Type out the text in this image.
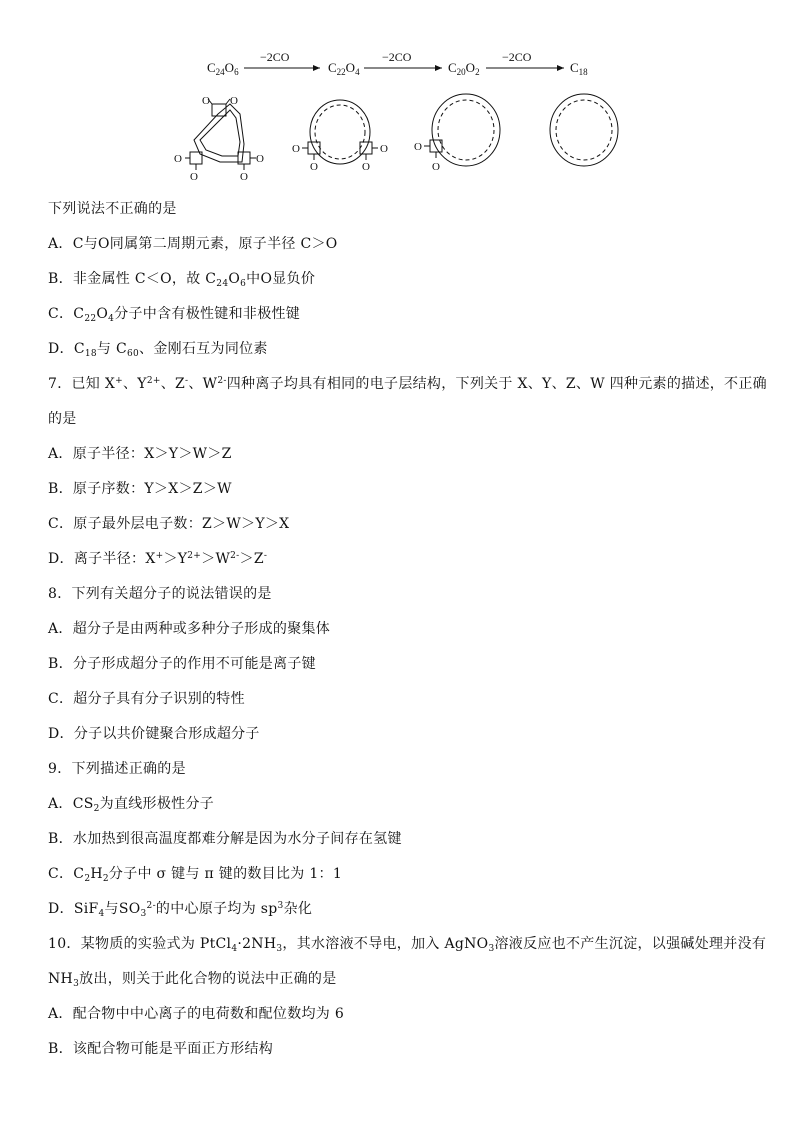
$C_{24}O_6$
−2CO
$C_{22}O_4$
−2CO
$C_{20}O_2$
−2CO
$C_{18}$
O O
O
O
O
O
O
O
O
O
O
O
下列说法不正确的是
A．C与O同属第二周期元素，原子半径 C＞O
B．非金属性 C＜O，故 $C_{24}O_6$中O显负价
C．$C_{22}O_4$分子中含有极性键和非极性键
D．$C_{18}$与 $C_{60}$、金刚石互为同位素
7．已知 X+、$Y^{2+}$、Z-、$W^{2-}$四种离子均具有相同的电子层结构，下列关于 X、Y、Z、W 四种元素的描述，不正确
的是
A．原子半径：X＞Y＞W＞Z
B．原子序数：Y＞X＞Z＞W
C．原子最外层电子数：Z＞W＞Y＞X
D．离子半径：$X^+>Y^{2+}>W^{2-}>Z^-$
8．下列有关超分子的说法错误的是
A．超分子是由两种或多种分子形成的聚集体
B．分子形成超分子的作用不可能是离子键
C．超分子具有分子识别的特性
D．分子以共价键聚合形成超分子
9．下列描述正确的是
A．$CS_2$为直线形极性分子
B．水加热到很高温度都难分解是因为水分子间存在氢键
C．$C_2H_2$分子中 σ 键与 π 键的数目比为 1：1
D．SiF$_4$与$SO_3^{2-}$的中心原子均为 $sp^3$杂化
10．某物质的实验式为 $PtCl_4\cdot 2NH_3$，其水溶液不导电，加入 AgNO$_3$溶液反应也不产生沉淀，以强碱处理并没有
$NH_3$放出，则关于此化合物的说法中正确的是
A．配合物中中心离子的电荷数和配位数均为 6
B．该配合物可能是平面正方形结构
